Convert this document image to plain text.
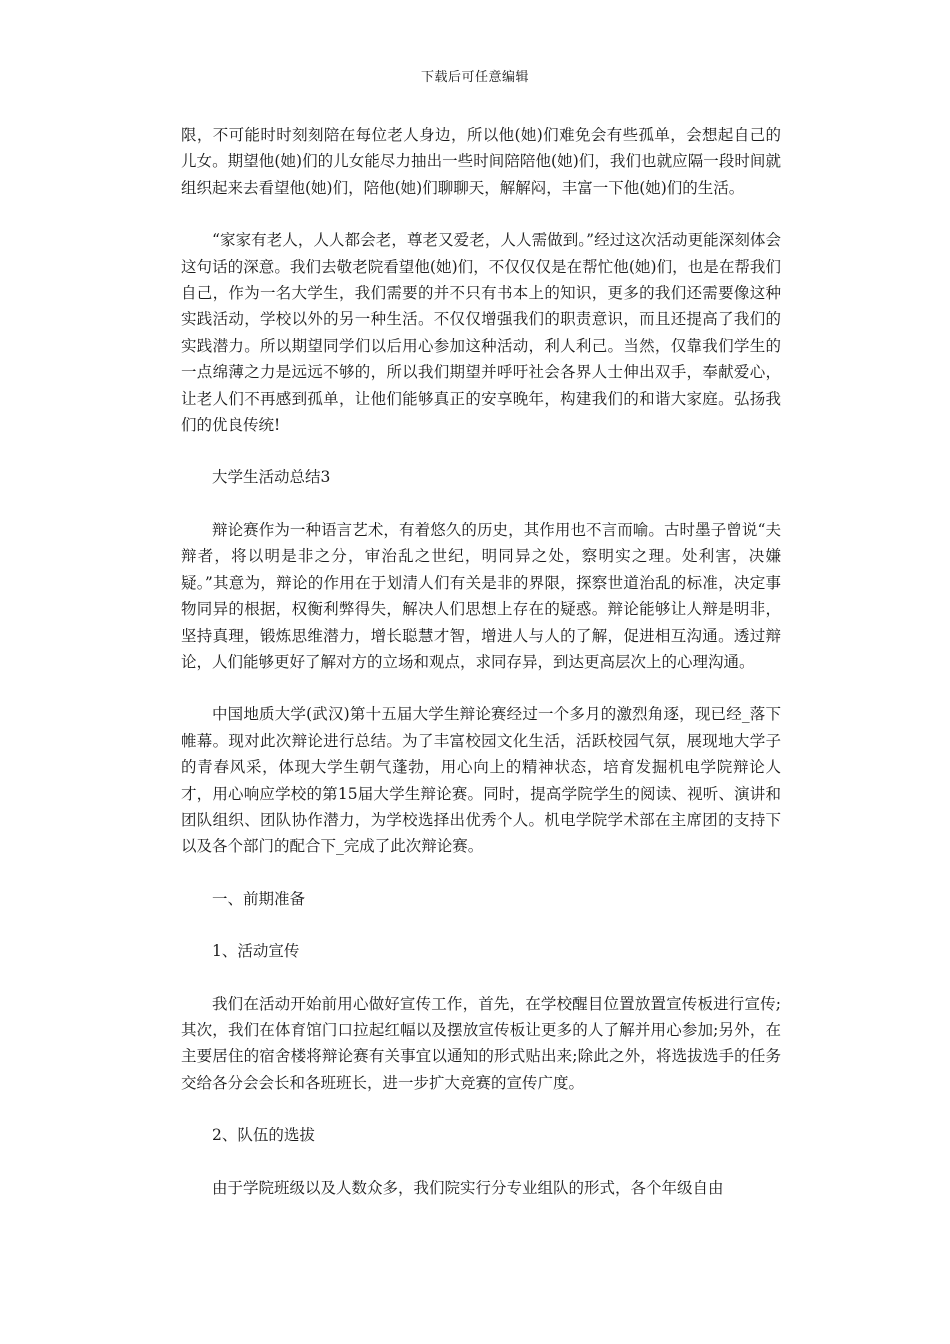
下载后可任意编辑

限，不可能时时刻刻陪在每位老人身边，所以他(她)们难免会有些孤单，会想起自己的儿女。期望他(她)们的儿女能尽力抽出一些时间陪陪他(她)们，我们也就应隔一段时间就组织起来去看望他(她)们，陪他(她)们聊聊天，解解闷，丰富一下他(她)们的生活。

“家家有老人，人人都会老，尊老又爱老，人人需做到。”经过这次活动更能深刻体会这句话的深意。我们去敬老院看望他(她)们，不仅仅仅是在帮忙他(她)们，也是在帮我们自己，作为一名大学生，我们需要的并不只有书本上的知识，更多的我们还需要像这种实践活动，学校以外的另一种生活。不仅仅增强我们的职责意识，而且还提高了我们的实践潜力。所以期望同学们以后用心参加这种活动，利人利己。当然，仅靠我们学生的一点绵薄之力是远远不够的，所以我们期望并呼吁社会各界人士伸出双手，奉献爱心，让老人们不再感到孤单，让他们能够真正的安享晚年，构建我们的和谐大家庭。弘扬我们的优良传统!

大学生活动总结3

辩论赛作为一种语言艺术，有着悠久的历史，其作用也不言而喻。古时墨子曾说“夫辩者，将以明是非之分，审治乱之世纪，明同异之处，察明实之理。处利害，决嫌疑。”其意为，辩论的作用在于划清人们有关是非的界限，探察世道治乱的标准，决定事物同异的根据，权衡利弊得失，解决人们思想上存在的疑惑。辩论能够让人辩是明非，坚持真理，锻炼思维潜力，增长聪慧才智，增进人与人的了解，促进相互沟通。透过辩论，人们能够更好了解对方的立场和观点，求同存异，到达更高层次上的心理沟通。

中国地质大学(武汉)第十五届大学生辩论赛经过一个多月的激烈角逐，现已经_落下帷幕。现对此次辩论进行总结。为了丰富校园文化生活，活跃校园气氛，展现地大学子的青春风采，体现大学生朝气蓬勃，用心向上的精神状态，培育发掘机电学院辩论人才，用心响应学校的第15届大学生辩论赛。同时，提高学院学生的阅读、视听、演讲和团队组织、团队协作潜力，为学校选择出优秀个人。机电学院学术部在主席团的支持下以及各个部门的配合下_完成了此次辩论赛。

一、前期准备

1、活动宣传

我们在活动开始前用心做好宣传工作，首先，在学校醒目位置放置宣传板进行宣传;其次，我们在体育馆门口拉起红幅以及摆放宣传板让更多的人了解并用心参加;另外，在主要居住的宿舍楼将辩论赛有关事宜以通知的形式贴出来;除此之外，将选拔选手的任务交给各分会会长和各班班长，进一步扩大竞赛的宣传广度。

2、队伍的选拔

由于学院班级以及人数众多，我们院实行分专业组队的形式，各个年级自由
